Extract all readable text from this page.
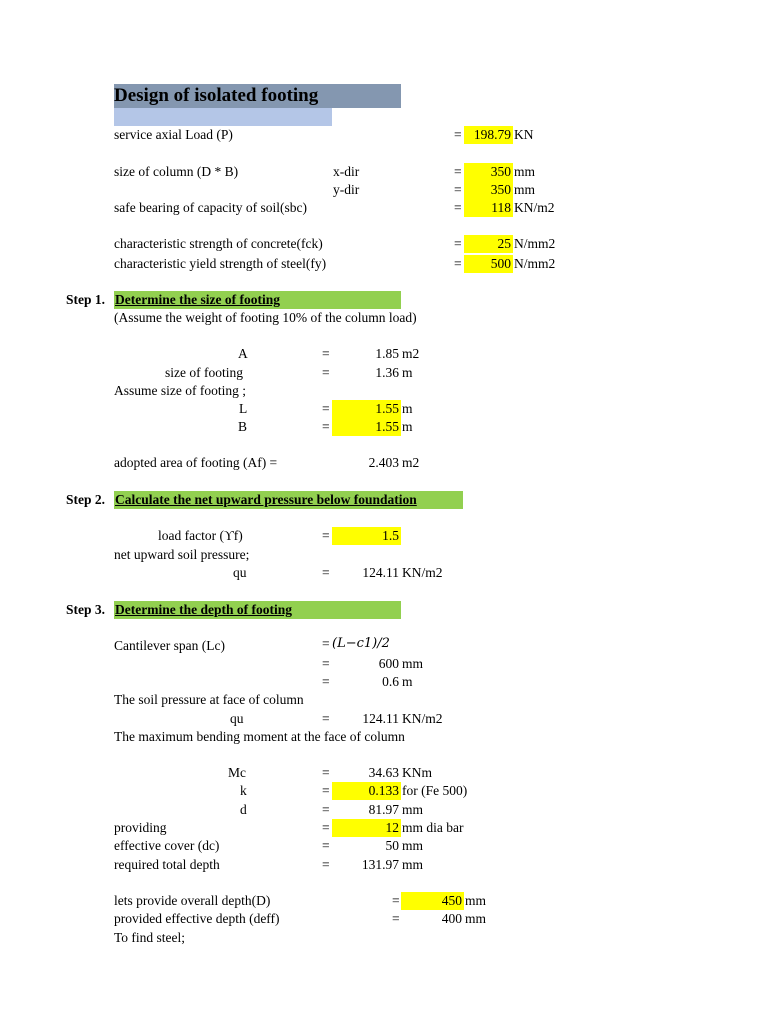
Design of isolated footing
service axial Load (P)	= 198.79 KN
size of column (D * B)	x-dir	=	350 mm
y-dir	=	350 mm
safe bearing of capacity of soil(sbc)	=	118 KN/m2
characteristic strength of concrete(fck)	=	25 N/mm2
characteristic yield strength of steel(fy)	=	500 N/mm2
Step 1. Determine the size of footing
(Assume the weight of footing 10% of the column load)
A	=	1.85 m2
size of footing	=	1.36 m
Assume size of footing ;
L	=	1.55 m
B	=	1.55 m
adopted area of footing (Af) =	2.403 m2
Step 2. Calculate the net upward pressure below foundation
load factor (ϒf)	=	1.5
net upward soil pressure;
qu	=	124.11 KN/m2
Step 3. Determine the depth of footing
Cantilever span (Lc)	= (L−c1)/2
=	600 mm
=	0.6 m
The soil pressure at face of column
qu	=	124.11 KN/m2
The maximum bending moment at the face of column
Mc	=	34.63 KNm
k	=	0.133 for (Fe 500)
d	=	81.97 mm
providing	=	12 mm dia bar
effective cover (dc)	=	50 mm
required total depth	=	131.97 mm
lets provide overall depth(D)	=	450 mm
provided effective depth (deff)	=	400 mm
To find steel;
